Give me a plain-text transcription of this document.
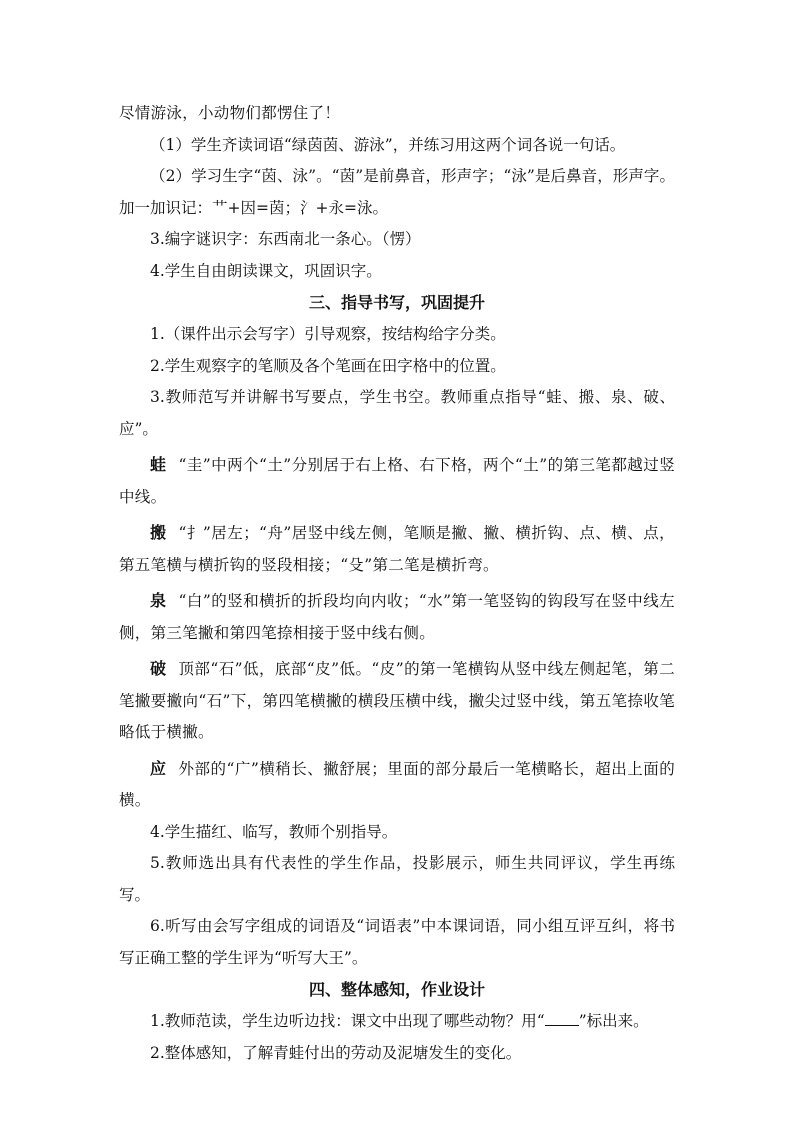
尽情游泳，小动物们都愣住了！

（1）学生齐读词语“绿茵茵、游泳”，并练习用这两个词各说一句话。

（2）学习生字“茵、泳”。“茵”是前鼻音，形声字；“泳”是后鼻音，形声字。加一加识记：艹+因=茵；氵+永=泳。

3.编字谜识字：东西南北一条心。（愣）

4.学生自由朗读课文，巩固识字。

三、指导书写，巩固提升

1.（课件出示会写字）引导观察，按结构给字分类。

2.学生观察字的笔顺及各个笔画在田字格中的位置。

3.教师范写并讲解书写要点，学生书空。教师重点指导“蛙、搬、泉、破、应”。

蛙 “圭”中两个“土”分别居于右上格、右下格，两个“土”的第三笔都越过竖中线。

搬 “扌”居左；“舟”居竖中线左侧，笔顺是撇、撇、横折钩、点、横、点，第五笔横与横折钩的竖段相接；“殳”第二笔是横折弯。

泉 “白”的竖和横折的折段均向内收；“水”第一笔竖钩的钩段写在竖中线左侧，第三笔撇和第四笔捺相接于竖中线右侧。

破 顶部“石”低，底部“皮”低。“皮”的第一笔横钩从竖中线左侧起笔，第二笔撇要撇向“石”下，第四笔横撇的横段压横中线，撇尖过竖中线，第五笔捺收笔略低于横撇。

应 外部的“广”横稍长、撇舒展；里面的部分最后一笔横略长，超出上面的横。

4.学生描红、临写，教师个别指导。

5.教师选出具有代表性的学生作品，投影展示，师生共同评议，学生再练写。

6.听写由会写字组成的词语及“词语表”中本课词语，同小组互评互纠，将书写正确工整的学生评为“听写大王”。

四、整体感知，作业设计

1.教师范读，学生边听边找：课文中出现了哪些动物？用“ ”标出来。

2.整体感知，了解青蛙付出的劳动及泥塘发生的变化。
